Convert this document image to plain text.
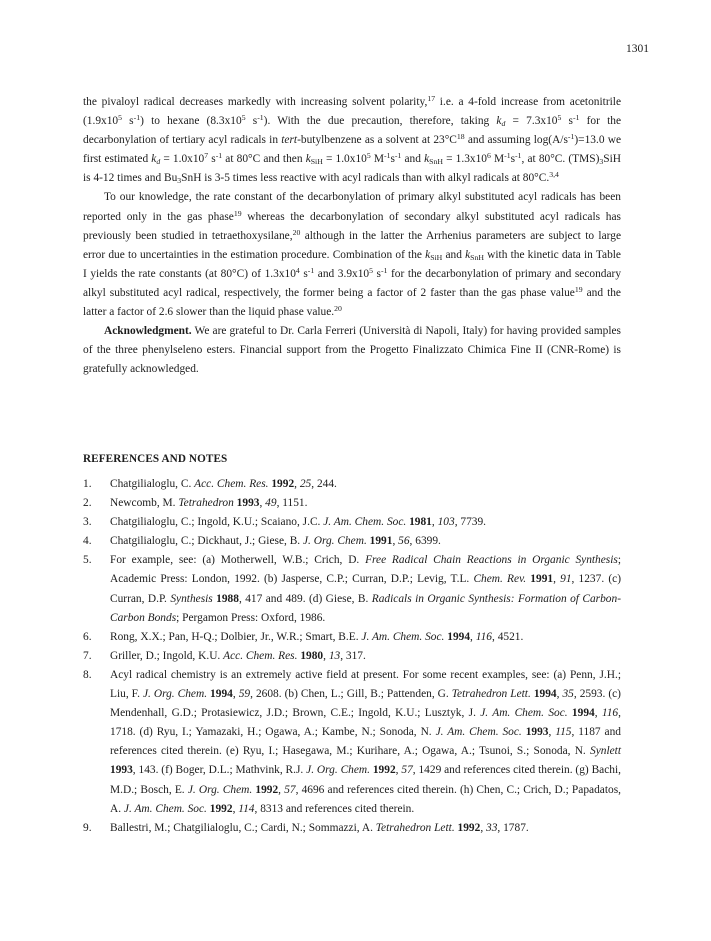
1301

the pivaloyl radical decreases markedly with increasing solvent polarity,$^{17}$ i.e. a 4-fold increase from acetonitrile ($1.9x10^5$ $s^{-1}$) to hexane ($8.3x10^5$ $s^{-1}$). With the due precaution, therefore, taking $k_d = 7.3x10^5$ $s^{-1}$ for the decarbonylation of tertiary acyl radicals in tert-butylbenzene as a solvent at $23^\circ C^{18}$ and assuming $\log(A/s^{-1})=13.0$ we first estimated $k_d = 1.0x10^7$ $s^{-1}$ at 80°C and then $k_{SiH} = 1.0x10^5$ $M^{-1}s^{-1}$ and $k_{SnH} = 1.3x10^6$ $M^{-1}s^{-1}$, at 80°C. $(TMS)_3SiH$ is 4-12 times and $Bu_3SnH$ is 3-5 times less reactive with acyl radicals than with alkyl radicals at 80°C.$^{3,4}$

To our knowledge, the rate constant of the decarbonylation of primary alkyl substituted acyl radicals has been reported only in the gas phase$^{19}$ whereas the decarbonylation of secondary alkyl substituted acyl radicals has previously been studied in tetraethoxysilane,$^{20}$ although in the latter the Arrhenius parameters are subject to large error due to uncertainties in the estimation procedure. Combination of the $k_{SiH}$ and $k_{SnH}$ with the kinetic data in Table I yields the rate constants (at 80°C) of $1.3x10^4$ $s^{-1}$ and $3.9x10^5$ $s^{-1}$ for the decarbonylation of primary and secondary alkyl substituted acyl radical, respectively, the former being a factor of 2 faster than the gas phase value$^{19}$ and the latter a factor of 2.6 slower than the liquid phase value.$^{20}$

Acknowledgment. We are grateful to Dr. Carla Ferreri (Università di Napoli, Italy) for having provided samples of the three phenylseleno esters. Financial support from the Progetto Finalizzato Chimica Fine II (CNR-Rome) is gratefully acknowledged.

REFERENCES AND NOTES
1.	Chatgilialoglu, C. Acc. Chem. Res. 1992, 25, 244.
2.	Newcomb, M. Tetrahedron 1993, 49, 1151.
3.	Chatgilialoglu, C.; Ingold, K.U.; Scaiano, J.C. J. Am. Chem. Soc. 1981, 103, 7739.
4.	Chatgilialoglu, C.; Dickhaut, J.; Giese, B. J. Org. Chem. 1991, 56, 6399.
5.	For example, see: (a) Motherwell, W.B.; Crich, D. Free Radical Chain Reactions in Organic Synthesis; Academic Press: London, 1992. (b) Jasperse, C.P.; Curran, D.P.; Levig, T.L. Chem. Rev. 1991, 91, 1237. (c) Curran, D.P. Synthesis 1988, 417 and 489. (d) Giese, B. Radicals in Organic Synthesis: Formation of Carbon-Carbon Bonds; Pergamon Press: Oxford, 1986.
6.	Rong, X.X.; Pan, H-Q.; Dolbier, Jr., W.R.; Smart, B.E. J. Am. Chem. Soc. 1994, 116, 4521.
7.	Griller, D.; Ingold, K.U. Acc. Chem. Res. 1980, 13, 317.
8.	Acyl radical chemistry is an extremely active field at present. For some recent examples, see: (a) Penn, J.H.; Liu, F. J. Org. Chem. 1994, 59, 2608. (b) Chen, L.; Gill, B.; Pattenden, G. Tetrahedron Lett. 1994, 35, 2593. (c) Mendenhall, G.D.; Protasiewicz, J.D.; Brown, C.E.; Ingold, K.U.; Lusztyk, J. J. Am. Chem. Soc. 1994, 116, 1718. (d) Ryu, I.; Yamazaki, H.; Ogawa, A.; Kambe, N.; Sonoda, N. J. Am. Chem. Soc. 1993, 115, 1187 and references cited therein. (e) Ryu, I.; Hasegawa, M.; Kurihare, A.; Ogawa, A.; Tsunoi, S.; Sonoda, N. Synlett 1993, 143. (f) Boger, D.L.; Mathvink, R.J. J. Org. Chem. 1992, 57, 1429 and references cited therein. (g) Bachi, M.D.; Bosch, E. J. Org. Chem. 1992, 57, 4696 and references cited therein. (h) Chen, C.; Crich, D.; Papadatos, A. J. Am. Chem. Soc. 1992, 114, 8313 and references cited therein.
9.	Ballestri, M.; Chatgilialoglu, C.; Cardi, N.; Sommazzi, A. Tetrahedron Lett. 1992, 33, 1787.
